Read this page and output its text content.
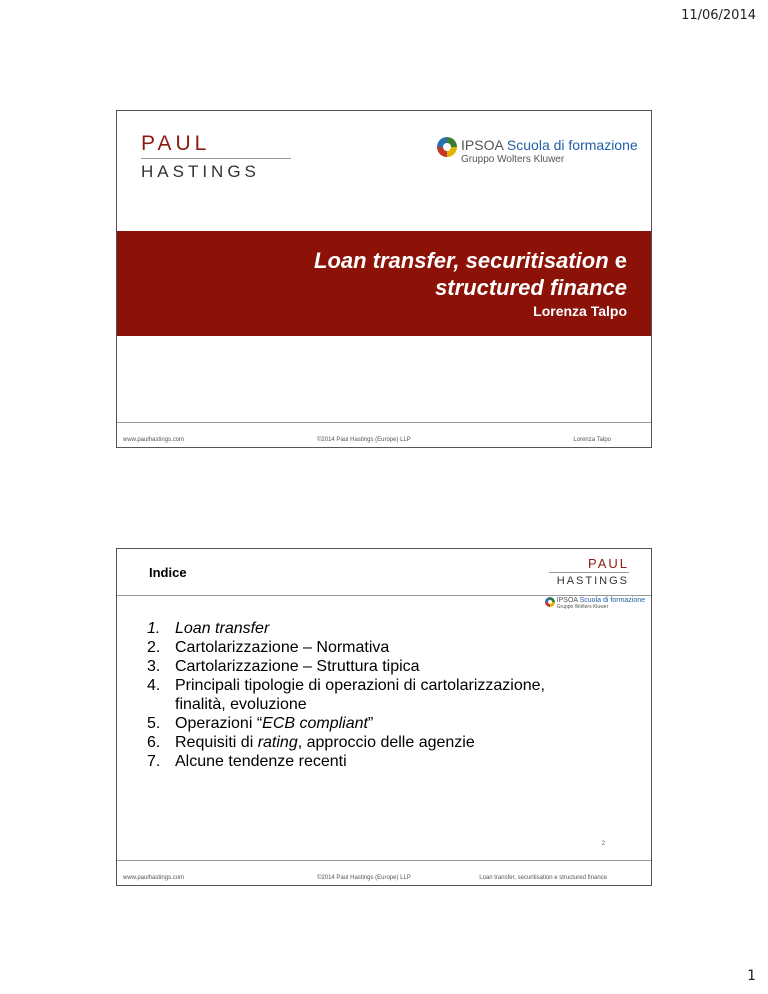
11/06/2014
PAUL
HASTINGS
IPSOA Scuola di formazione
Gruppo Wolters Kluwer
Loan transfer, securitisation e
structured finance
Lorenza Talpo
www.paulhastings.com	©2014 Paul Hastings (Europe) LLP	Lorenza Talpo
Indice
PAUL
HASTINGS
IPSOA Scuola di formazione
Gruppo Wolters Kluwer
1. Loan transfer
2. Cartolarizzazione – Normativa
3. Cartolarizzazione – Struttura tipica
4. Principali tipologie di operazioni di cartolarizzazione, finalità, evoluzione
5. Operazioni “ECB compliant”
6. Requisiti di rating, approccio delle agenzie
7. Alcune tendenze recenti
2
www.paulhastings.com	©2014 Paul Hastings (Europe) LLP	Loan transfer, securitisation e structured finance
1
